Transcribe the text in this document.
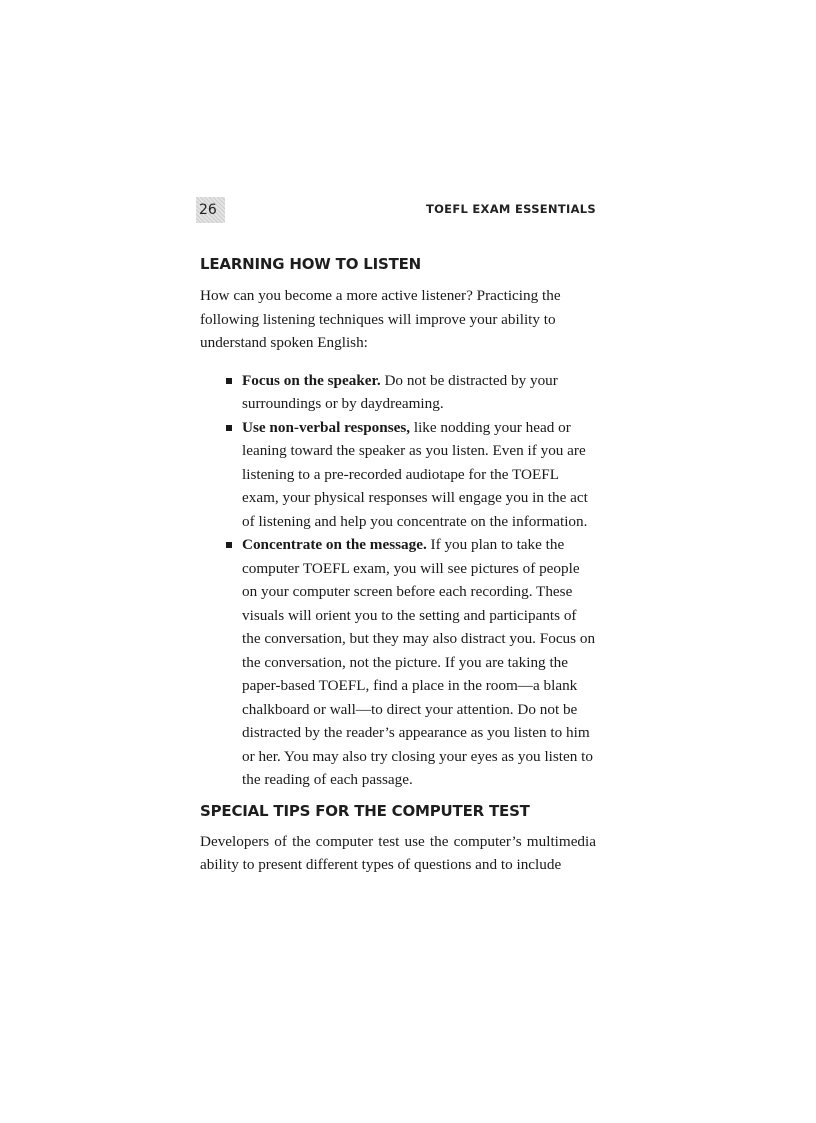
26	TOEFL EXAM ESSENTIALS
LEARNING HOW TO LISTEN

How can you become a more active listener? Practicing the following listening techniques will improve your ability to understand spoken English:

Focus on the speaker. Do not be distracted by your surroundings or by daydreaming.
Use non-verbal responses, like nodding your head or leaning toward the speaker as you listen. Even if you are listening to a pre-recorded audiotape for the TOEFL exam, your physical responses will engage you in the act of listening and help you concentrate on the information.
Concentrate on the message. If you plan to take the computer TOEFL exam, you will see pictures of people on your computer screen before each recording. These visuals will orient you to the setting and participants of the conversation, but they may also distract you. Focus on the conversation, not the picture. If you are taking the paper-based TOEFL, find a place in the room—a blank chalkboard or wall—to direct your attention. Do not be distracted by the reader’s appearance as you listen to him or her. You may also try closing your eyes as you listen to the reading of each passage.
SPECIAL TIPS FOR THE COMPUTER TEST

Developers of the computer test use the computer’s multimedia ability to present different types of questions and to include
